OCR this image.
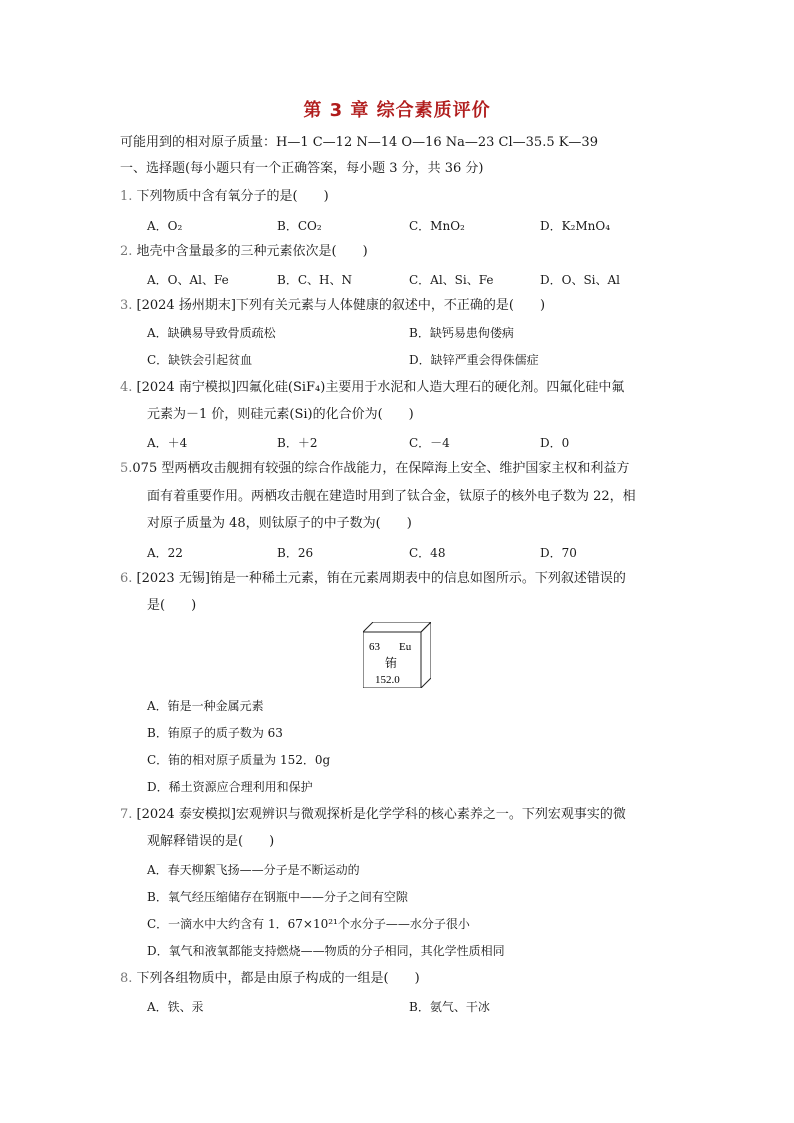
第 3 章 综合素质评价
可能用到的相对原子质量：H—1 C—12 N—14 O—16 Na—23 Cl—35.5 K—39
一、选择题(每小题只有一个正确答案，每小题 3 分，共 36 分)
1. 下列物质中含有氧分子的是(　　)
A．O₂	B．CO₂	C．MnO₂	D．K₂MnO₄
2. 地壳中含量最多的三种元素依次是(　　)
A．O、Al、Fe	B．C、H、N	C．Al、Si、Fe	D．O、Si、Al
3. [2024 扬州期末]下列有关元素与人体健康的叙述中，不正确的是(　　)
A．缺碘易导致骨质疏松	B．缺钙易患佝偻病
C．缺铁会引起贫血	D．缺锌严重会得侏儒症
4. [2024 南宁模拟]四氟化硅(SiF₄)主要用于水泥和人造大理石的硬化剂。四氟化硅中氟
元素为－1 价，则硅元素(Si)的化合价为(　　)
A．＋4	B．＋2	C．－4	D．0
5.075 型两栖攻击舰拥有较强的综合作战能力，在保障海上安全、维护国家主权和利益方
面有着重要作用。两栖攻击舰在建造时用到了钛合金，钛原子的核外电子数为 22，相
对原子质量为 48，则钛原子的中子数为(　　)
A．22	B．26	C．48	D．70
6. [2023 无锡]铕是一种稀土元素，铕在元素周期表中的信息如图所示。下列叙述错误的
是(　　)
63 Eu
铕
152.0
A．铕是一种金属元素
B．铕原子的质子数为 63
C．铕的相对原子质量为 152．0g
D．稀土资源应合理利用和保护
7. [2024 泰安模拟]宏观辨识与微观探析是化学学科的核心素养之一。下列宏观事实的微
观解释错误的是(　　)
A．春天柳絮飞扬——分子是不断运动的
B．氧气经压缩储存在钢瓶中——分子之间有空隙
C．一滴水中大约含有 1．67×10²¹个水分子——水分子很小
D．氧气和液氧都能支持燃烧——物质的分子相同，其化学性质相同
8. 下列各组物质中，都是由原子构成的一组是(　　)
A．铁、汞	B．氨气、干冰
